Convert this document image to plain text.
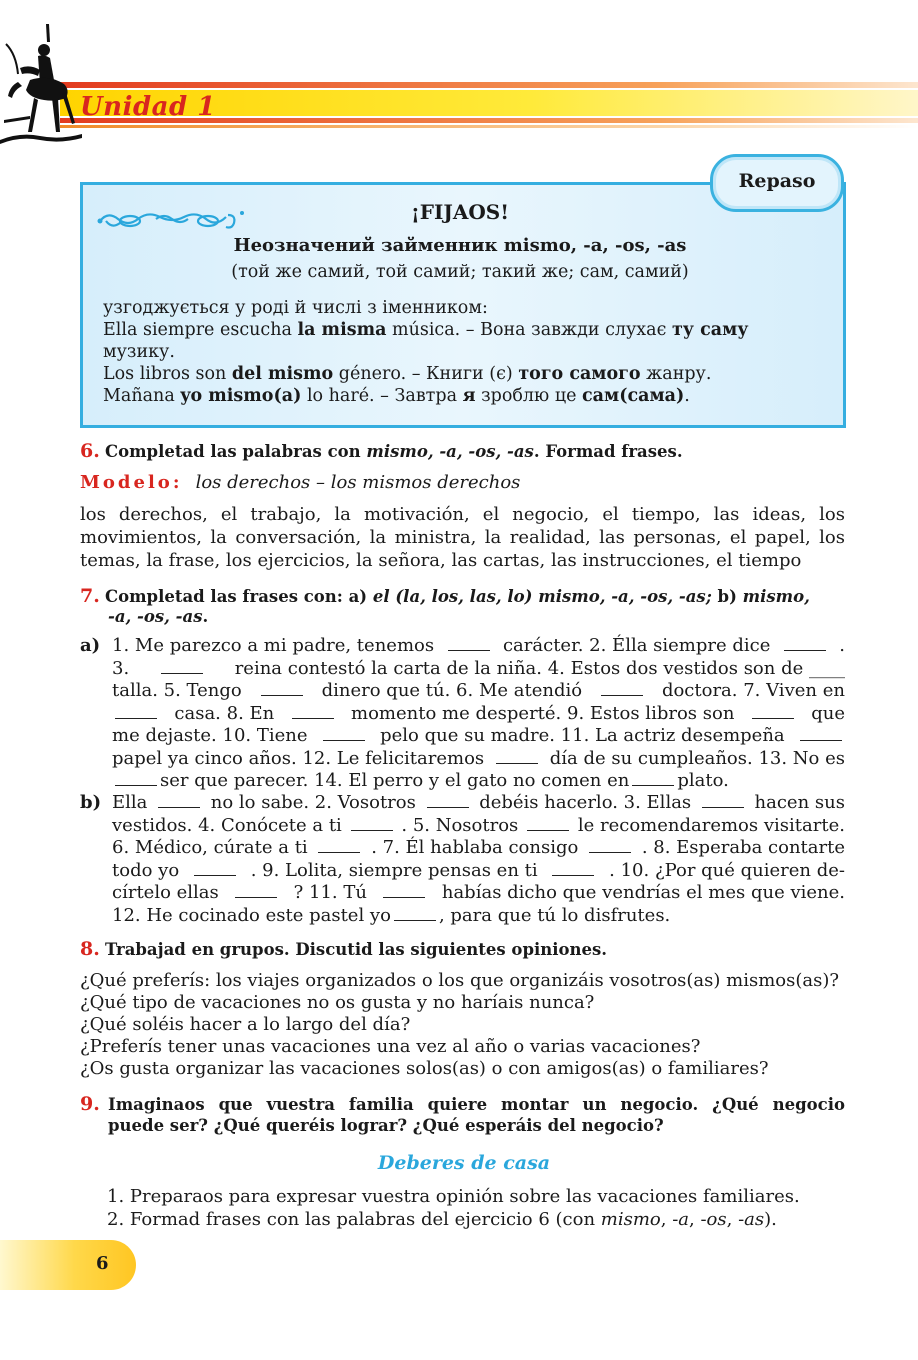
Unidad 1
Repaso
¡FIJAOS!
Неозначений займенник mismo, -a, -os, -as
(той же самий, той самий; такий же; сам, самий)
узгоджується у роді й числі з іменником:
Ella siempre escucha la misma música. – Вона завжди слухає ту саму
музику.
Los libros son del mismo género. – Книги (є) того самого жанру.
Mañana yo mismo(a) lo haré. – Завтра я зроблю це сам(сама).
6. Completad las palabras con mismo, -a, -os, -as. Formad frases.
Modelo: los derechos – los mismos derechos
los derechos, el trabajo, la motivación, el negocio, el tiempo, las ideas, los
movimientos, la conversación, la ministra, la realidad, las personas, el papel, los
temas, la frase, los ejercicios, la señora, las cartas, las instrucciones, el tiempo
7. Completad las frases con: a) el (la, los, las, lo) mismo, -a, -os, -as; b) mismo,
-a, -os, -as.
a) 1. Me parezco a mi padre, tenemos	carácter. 2. Élla siempre dice	.
3.	reina contestó la carta de la niña. 4. Estos dos vestidos son de ____
talla. 5. Tengo	dinero que tú. 6. Me atendió	doctora. 7. Viven en
casa. 8. En	momento me desperté. 9. Estos libros son	que
me dejaste. 10. Tiene	pelo que su madre. 11. La actriz desempeña
papel ya cinco años. 12. Le felicitaremos	día de su cumpleaños. 13. No es
ser que parecer. 14. El perro y el gato no comen en	plato.
b) Ella	no lo sabe. 2. Vosotros	debéis hacerlo. 3. Ellas	hacen sus
vestidos. 4. Conócete a ti	. 5. Nosotros	le recomendaremos visitarte.
6. Médico, cúrate a ti	. 7. Él hablaba consigo	. 8. Esperaba contarte
todo yo	. 9. Lolita, siempre pensas en ti	. 10. ¿Por qué quieren de-
círtelo ellas	? 11. Tú	habías dicho que vendrías el mes que viene.
12. He cocinado este pastel yo	, para que tú lo disfrutes.
8. Trabajad en grupos. Discutid las siguientes opiniones.
¿Qué preferís: los viajes organizados o los que organizáis vosotros(as) mismos(as)?
¿Qué tipo de vacaciones no os gusta y no haríais nunca?
¿Qué soléis hacer a lo largo del día?
¿Preferís tener unas vacaciones una vez al año o varias vacaciones?
¿Os gusta organizar las vacaciones solos(as) o con amigos(as) o familiares?
9. Imaginaos que vuestra familia quiere montar un negocio. ¿Qué negocio
puede ser? ¿Qué queréis lograr? ¿Qué esperáis del negocio?
Deberes de casa
1. Preparaos para expresar vuestra opinión sobre las vacaciones familiares.
2. Formad frases con las palabras del ejercicio 6 (con mismo, -a, -os, -as).
6
